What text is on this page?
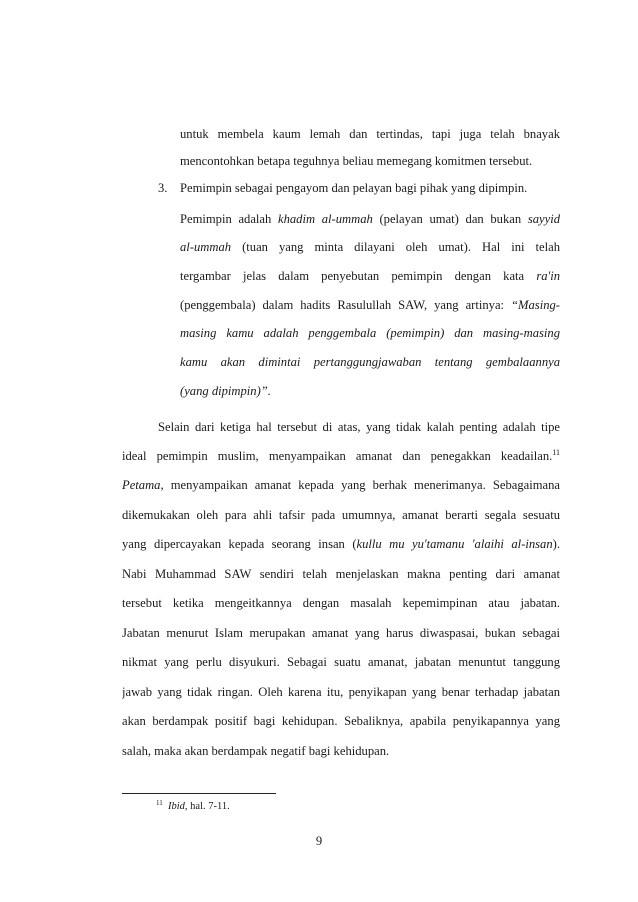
untuk membela kaum lemah dan tertindas, tapi juga telah bnayak
mencontohkan betapa teguhnya beliau memegang komitmen tersebut.
3. Pemimpin sebagai pengayom dan pelayan bagi pihak yang dipimpin.
Pemimpin adalah khadim al-ummah (pelayan umat) dan bukan sayyid
al-ummah (tuan yang minta dilayani oleh umat). Hal ini telah
tergambar jelas dalam penyebutan pemimpin dengan kata ra'in
(penggembala) dalam hadits Rasulullah SAW, yang artinya: “Masing-
masing kamu adalah penggembala (pemimpin) dan masing-masing
kamu akan dimintai pertanggungjawaban tentang gembalaannya
(yang dipimpin)”.
Selain dari ketiga hal tersebut di atas, yang tidak kalah penting adalah tipe
ideal pemimpin muslim, menyampaikan amanat dan penegakkan keadailan.$^{11}$
Petama, menyampaikan amanat kepada yang berhak menerimanya. Sebagaimana
dikemukakan oleh para ahli tafsir pada umumnya, amanat berarti segala sesuatu
yang dipercayakan kepada seorang insan (kullu mu yu'tamanu 'alaihi al-insan).
Nabi Muhammad SAW sendiri telah menjelaskan makna penting dari amanat
tersebut ketika mengeitkannya dengan masalah kepemimpinan atau jabatan.
Jabatan menurut Islam merupakan amanat yang harus diwaspasai, bukan sebagai
nikmat yang perlu disyukuri. Sebagai suatu amanat, jabatan menuntut tanggung
jawab yang tidak ringan. Oleh karena itu, penyikapan yang benar terhadap jabatan
akan berdampak positif bagi kehidupan. Sebaliknya, apabila penyikapannya yang
salah, maka akan berdampak negatif bagi kehidupan.
$^{11}$ Ibid, hal. 7-11.
9
